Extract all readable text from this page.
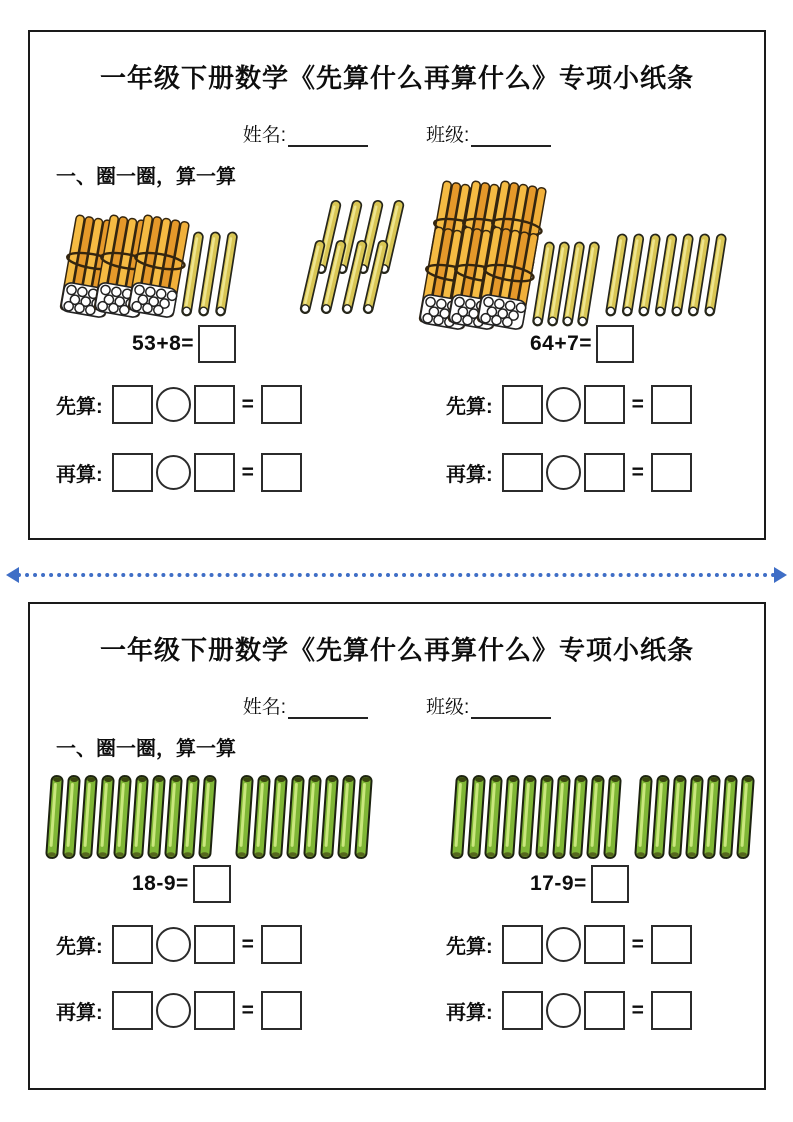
一年级下册数学《先算什么再算什么》专项小纸条
姓名:	班级:
一、圈一圈，算一算
53+8=
先算:	=
再算:	=
64+7=
先算:	=
再算:	=
一年级下册数学《先算什么再算什么》专项小纸条
姓名:	班级:
一、圈一圈，算一算
18-9=
先算:	=
再算:	=
17-9=
先算:	=
再算:	=
